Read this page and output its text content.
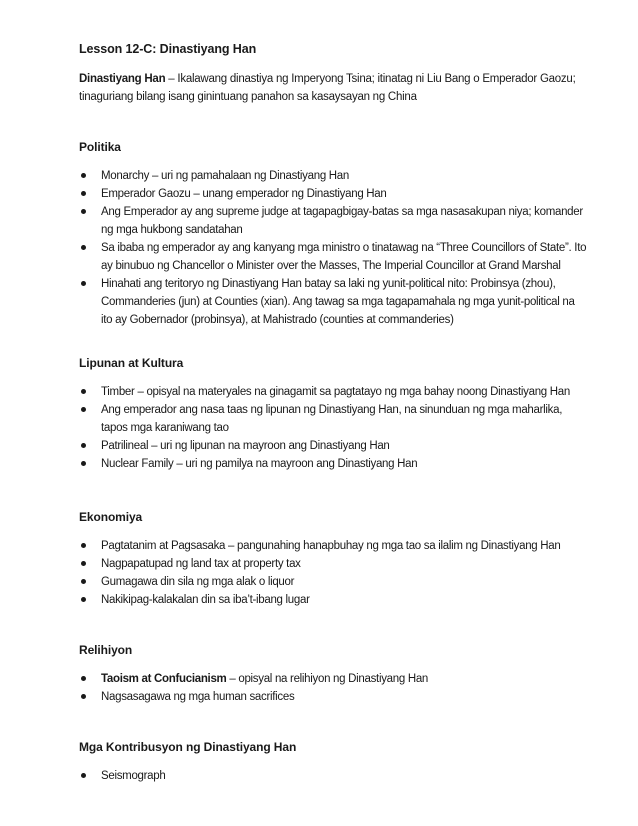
Lesson 12-C: Dinastiyang Han

Dinastiyang Han – Ikalawang dinastiya ng Imperyong Tsina; itinatag ni Liu Bang o Emperador Gaozu; tinaguriang bilang isang ginintuang panahon sa kasaysayan ng China

Politika
Monarchy – uri ng pamahalaan ng Dinastiyang Han
Emperador Gaozu – unang emperador ng Dinastiyang Han
Ang Emperador ay ang supreme judge at tagapagbigay-batas sa mga nasasakupan niya; komander ng mga hukbong sandatahan
Sa ibaba ng emperador ay ang kanyang mga ministro o tinatawag na “Three Councillors of State”. Ito ay binubuo ng Chancellor o Minister over the Masses, The Imperial Councillor at Grand Marshal
Hinahati ang teritoryo ng Dinastiyang Han batay sa laki ng yunit-political nito: Probinsya (zhou), Commanderies (jun) at Counties (xian). Ang tawag sa mga tagapamahala ng mga yunit-political na ito ay Gobernador (probinsya), at Mahistrado (counties at commanderies)
Lipunan at Kultura
Timber – opisyal na materyales na ginagamit sa pagtatayo ng mga bahay noong Dinastiyang Han
Ang emperador ang nasa taas ng lipunan ng Dinastiyang Han, na sinunduan ng mga maharlika, tapos mga karaniwang tao
Patrilineal – uri ng lipunan na mayroon ang Dinastiyang Han
Nuclear Family – uri ng pamilya na mayroon ang Dinastiyang Han
Ekonomiya
Pagtatanim at Pagsasaka – pangunahing hanapbuhay ng mga tao sa ilalim ng Dinastiyang Han
Nagpapatupad ng land tax at property tax
Gumagawa din sila ng mga alak o liquor
Nakikipag-kalakalan din sa iba’t-ibang lugar
Relihiyon
Taoism at Confucianism – opisyal na relihiyon ng Dinastiyang Han
Nagsasagawa ng mga human sacrifices
Mga Kontribusyon ng Dinastiyang Han
Seismograph
